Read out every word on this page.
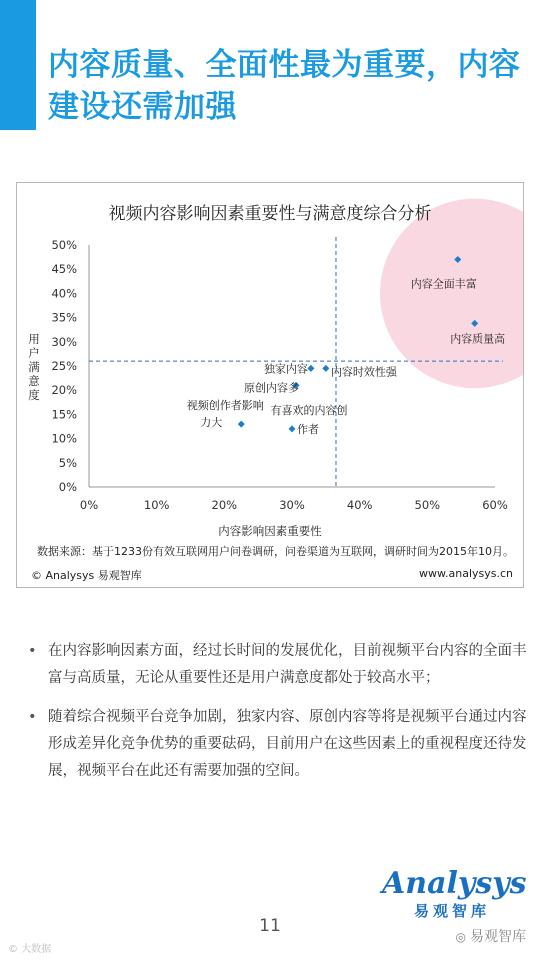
内容质量、全面性最为重要，内容建设还需加强
视频内容影响因素重要性与满意度综合分析
0%
5%
10%
15%
20%
25%
30%
35%
40%
45%
50%
0%	10%	20%	30%	40%	50%	60%
内容影响因素重要性
用
户
满
意
度
内容全面丰富
内容质量高
独家内容 内容时效性强
原创内容多
有喜欢的内容创
作者
视频创作者影响
力大
数据来源：基于1233份有效互联网用户问卷调研，问卷渠道为互联网，调研时间为2015年10月。
© Analysys 易观智库	www.analysys.cn
• 在内容影响因素方面，经过长时间的发展优化，目前视频平台内容的全面丰富与高质量，无论从重要性还是用户满意度都处于较高水平；
• 随着综合视频平台竞争加剧，独家内容、原创内容等将是视频平台通过内容形成差异化竞争优势的重要砝码，目前用户在这些因素上的重视程度还待发展，视频平台在此还有需要加强的空间。
Analysys
易观智库
11
© 大数据
◎ 易观智库
